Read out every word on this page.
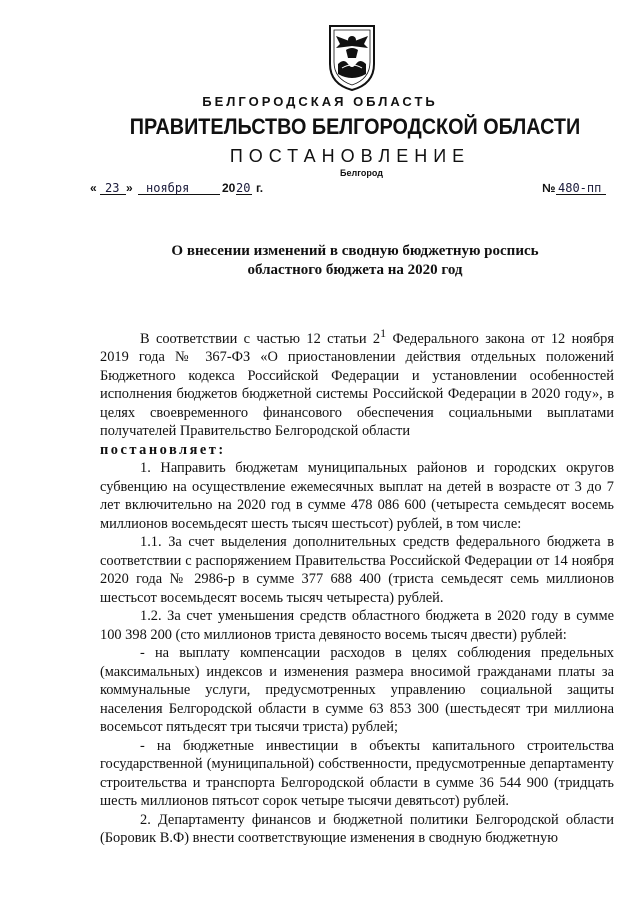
БЕЛГОРОДСКАЯ ОБЛАСТЬ
ПРАВИТЕЛЬСТВО БЕЛГОРОДСКОЙ ОБЛАСТИ
ПОСТАНОВЛЕНИЕ
Белгород
« 23 » ноября	20 20 г.	№ 480-пп
О внесении изменений в сводную бюджетную роспись
областного бюджета на 2020 год

В соответствии с частью 12 статьи $2^1$ Федерального закона от 12 ноября 2019 года № 367-ФЗ «О приостановлении действия отдельных положений Бюджетного кодекса Российской Федерации и установлении особенностей исполнения бюджетов бюджетной системы Российской Федерации в 2020 году», в целях своевременного финансового обеспечения социальными выплатами получателей Правительство Белгородской области

постановляет:

1. Направить бюджетам муниципальных районов и городских округов субвенцию на осуществление ежемесячных выплат на детей в возрасте от 3 до 7 лет включительно на 2020 год в сумме 478 086 600 (четыреста семьдесят восемь миллионов восемьдесят шесть тысяч шестьсот) рублей, в том числе:

1.1. За счет выделения дополнительных средств федерального бюджета в соответствии с распоряжением Правительства Российской Федерации от 14 ноября 2020 года № 2986-р в сумме 377 688 400 (триста семьдесят семь миллионов шестьсот восемьдесят восемь тысяч четыреста) рублей.

1.2. За счет уменьшения средств областного бюджета в 2020 году в сумме 100 398 200 (сто миллионов триста девяносто восемь тысяч двести) рублей:

- на выплату компенсации расходов в целях соблюдения предельных (максимальных) индексов и изменения размера вносимой гражданами платы за коммунальные услуги, предусмотренных управлению социальной защиты населения Белгородской области в сумме 63 853 300 (шестьдесят три миллиона восемьсот пятьдесят три тысячи триста) рублей;

- на бюджетные инвестиции в объекты капитального строительства государственной (муниципальной) собственности, предусмотренные департаменту строительства и транспорта Белгородской области в сумме 36 544 900 (тридцать шесть миллионов пятьсот сорок четыре тысячи девятьсот) рублей.

2. Департаменту финансов и бюджетной политики Белгородской области (Боровик В.Ф) внести соответствующие изменения в сводную бюджетную
